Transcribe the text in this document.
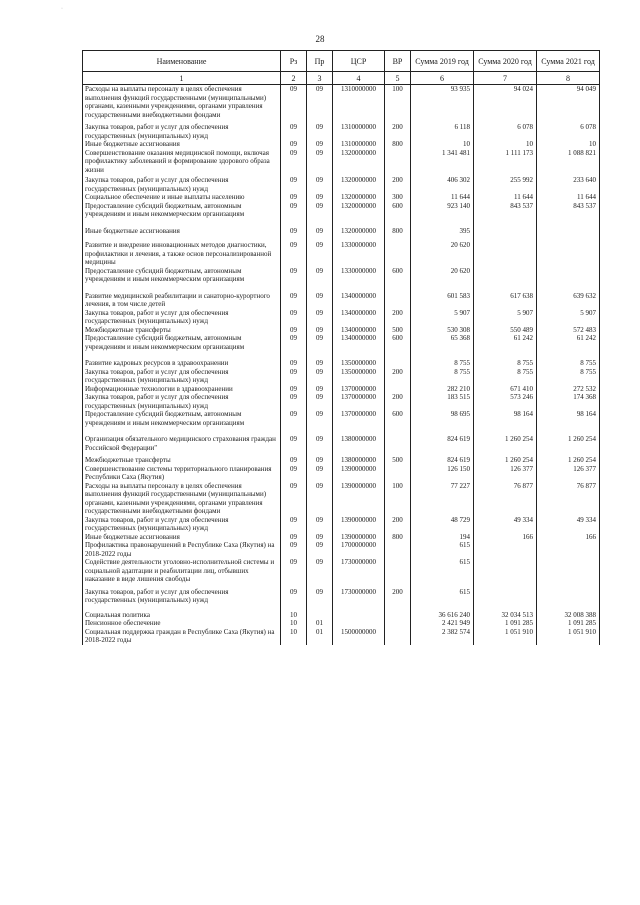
·
28
Наименование	Рз	Пр	ЦСР	ВР	Сумма 2019 год	Сумма 2020 год	Сумма 2021 год
1	2	3	4	5	6	7	8
Расходы на выплаты персоналу в целях обеспечения выполнения функций государственными (муниципальными) органами, казенными учреждениями, органами управления государственными внебюджетными фондами	09	09	1310000000	100	93 935	94 024	94 049
Закупка товаров, работ и услуг для обеспечения государственных (муниципальных) нужд	09	09	1310000000	200	6 118	6 078	6 078
Иные бюджетные ассигнования	09	09	1310000000	800	10	10	10
Совершенствование оказания медицинской помощи, включая профилактику заболеваний и формирование здорового образа жизни	09	09	1320000000		1 341 481	1 111 173	1 088 821
Закупка товаров, работ и услуг для обеспечения государственных (муниципальных) нужд	09	09	1320000000	200	406 302	255 992	233 640
Социальное обеспечение и иные выплаты населению	09	09	1320000000	300	11 644	11 644	11 644
Предоставление субсидий бюджетным, автономным учреждениям и иным некоммерческим организациям	09	09	1320000000	600	923 140	843 537	843 537
Иные бюджетные ассигнования	09	09	1320000000	800	395		
Развитие и внедрение инновационных методов диагностики, профилактики и лечения, а также основ персонализированной медицины	09	09	1330000000		20 620		
Предоставление субсидий бюджетным, автономным учреждениям и иным некоммерческим организациям	09	09	1330000000	600	20 620		
Развитие медицинской реабилитации и санаторно-курортного лечения, в том числе детей	09	09	1340000000		601 583	617 638	639 632
Закупка товаров, работ и услуг для обеспечения государственных (муниципальных) нужд	09	09	1340000000	200	5 907	5 907	5 907
Межбюджетные трансферты	09	09	1340000000	500	530 308	550 489	572 483
Предоставление субсидий бюджетным, автономным учреждениям и иным некоммерческим организациям	09	09	1340000000	600	65 368	61 242	61 242
Развитие кадровых ресурсов в здравоохранении	09	09	1350000000		8 755	8 755	8 755
Закупка товаров, работ и услуг для обеспечения государственных (муниципальных) нужд	09	09	1350000000	200	8 755	8 755	8 755
Информационные технологии в здравоохранении	09	09	1370000000		282 210	671 410	272 532
Закупка товаров, работ и услуг для обеспечения государственных (муниципальных) нужд	09	09	1370000000	200	183 515	573 246	174 368
Предоставление субсидий бюджетным, автономным учреждениям и иным некоммерческим организациям	09	09	1370000000	600	98 695	98 164	98 164
Организация обязательного медицинского страхования граждан Российской Федерации"	09	09	1380000000		824 619	1 260 254	1 260 254
Межбюджетные трансферты	09	09	1380000000	500	824 619	1 260 254	1 260 254
Совершенствование системы территориального планирования Республики Саха (Якутия)	09	09	1390000000		126 150	126 377	126 377
Расходы на выплаты персоналу в целях обеспечения выполнения функций государственными (муниципальными) органами, казенными учреждениями, органами управления государственными внебюджетными фондами	09	09	1390000000	100	77 227	76 877	76 877
Закупка товаров, работ и услуг для обеспечения государственных (муниципальных) нужд	09	09	1390000000	200	48 729	49 334	49 334
Иные бюджетные ассигнования	09	09	1390000000	800	194	166	166
Профилактика правонарушений в Республике Саха (Якутия) на 2018-2022 годы	09	09	1700000000		615		
Содействие деятельности уголовно-исполнительной системы и социальной адаптации и реабилитации лиц, отбывших наказание в виде лишения свободы	09	09	1730000000		615		
Закупка товаров, работ и услуг для обеспечения государственных (муниципальных) нужд	09	09	1730000000	200	615		
Социальная политика	10				36 616 240	32 034 513	32 008 388
Пенсионное обеспечение	10	01			2 421 949	1 091 285	1 091 285
Социальная поддержка граждан в Республике Саха (Якутия) на 2018-2022 годы	10	01	1500000000		2 382 574	1 051 910	1 051 910
